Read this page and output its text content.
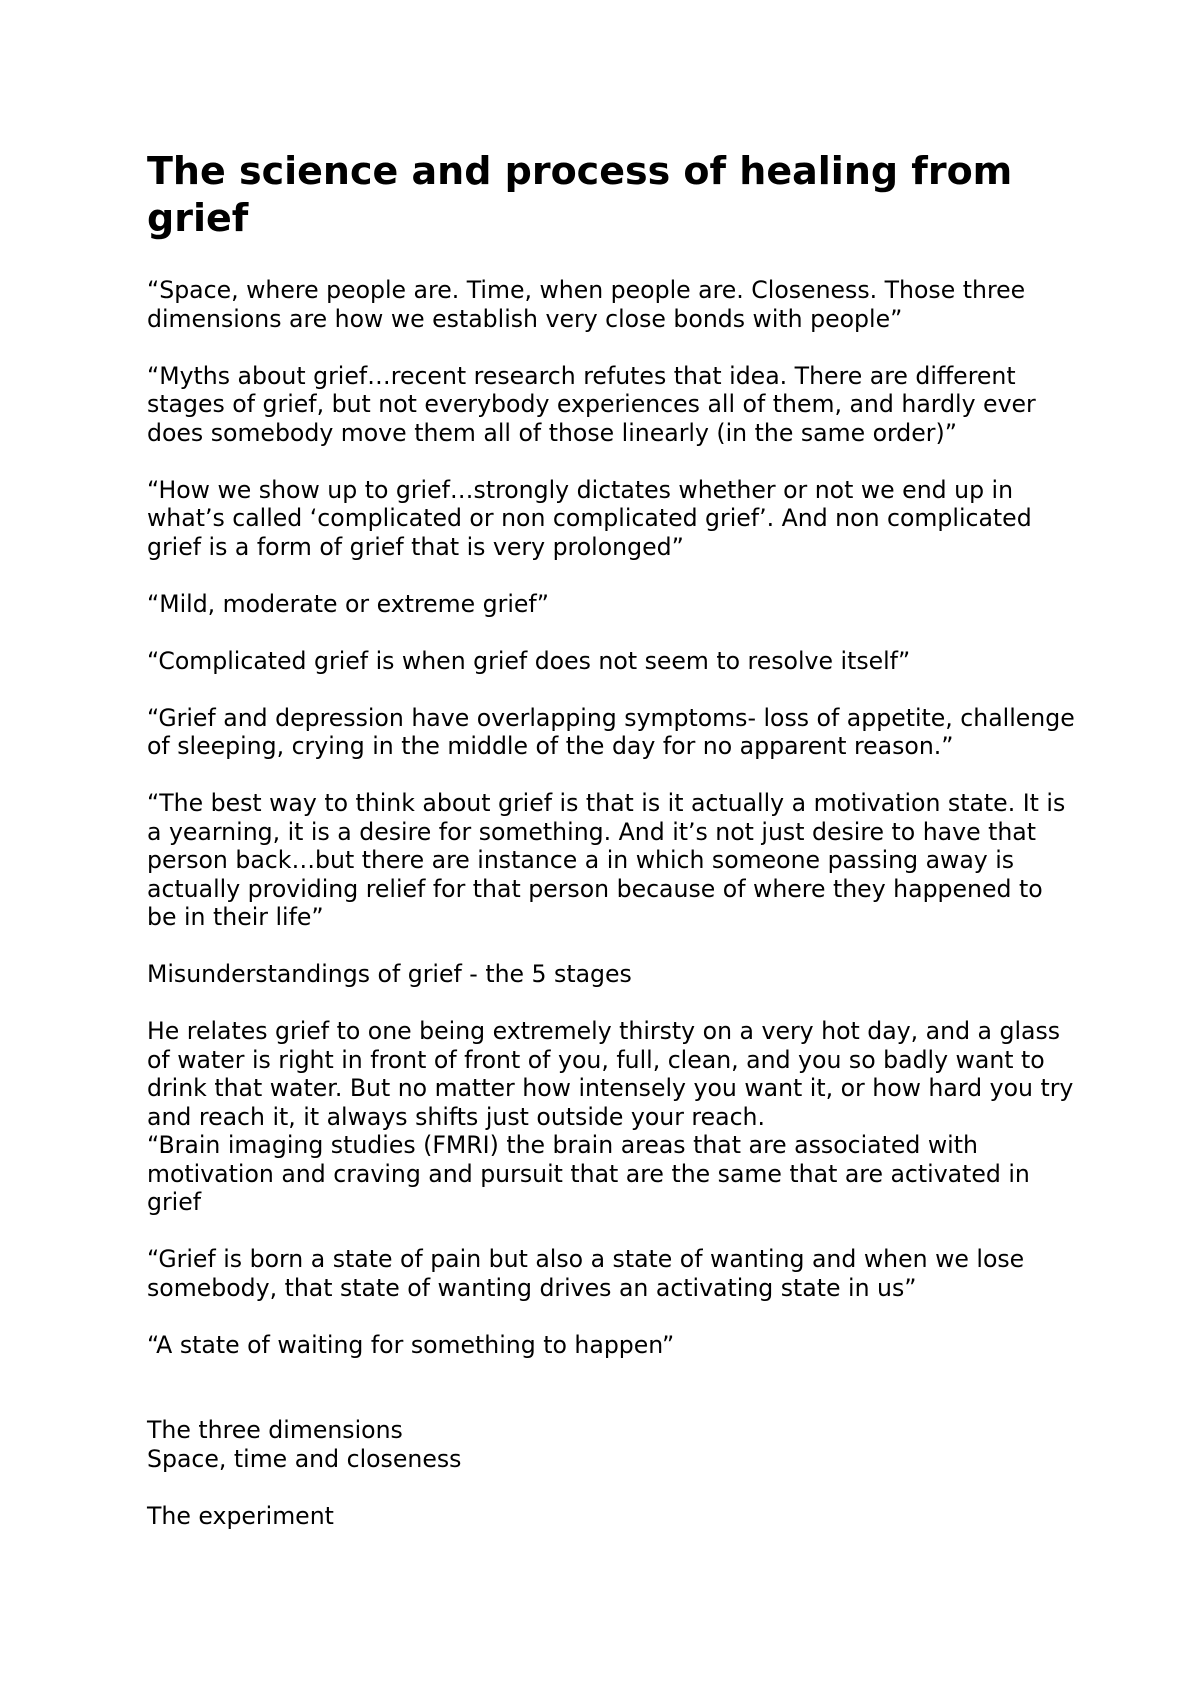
The science and process of healing from grief

“Space, where people are. Time, when people are. Closeness. Those three dimensions are how we establish very close bonds with people”

“Myths about grief…recent research refutes that idea. There are different stages of grief, but not everybody experiences all of them, and hardly ever does somebody move them all of those linearly (in the same order)”

“How we show up to grief…strongly dictates whether or not we end up in what’s called ‘complicated or non complicated grief’. And non complicated grief is a form of grief that is very prolonged”

“Mild, moderate or extreme grief”

“Complicated grief is when grief does not seem to resolve itself”

“Grief and depression have overlapping symptoms- loss of appetite, challenge of sleeping, crying in the middle of the day for no apparent reason.”

“The best way to think about grief is that is it actually a motivation state. It is a yearning, it is a desire for something. And it’s not just desire to have that person back…but there are instance a in which someone passing away is actually providing relief for that person because of where they happened to be in their life”

Misunderstandings of grief - the 5 stages

He relates grief to one being extremely thirsty on a very hot day, and a glass of water is right in front of front of you, full, clean, and you so badly want to drink that water. But no matter how intensely you want it, or how hard you try and reach it, it always shifts just outside your reach.

“Brain imaging studies (FMRI) the brain areas that are associated with motivation and craving and pursuit that are the same that are activated in grief

“Grief is born a state of pain but also a state of wanting and when we lose somebody, that state of wanting drives an activating state in us”

“A state of waiting for something to happen”

The three dimensions

Space, time and closeness

The experiment
